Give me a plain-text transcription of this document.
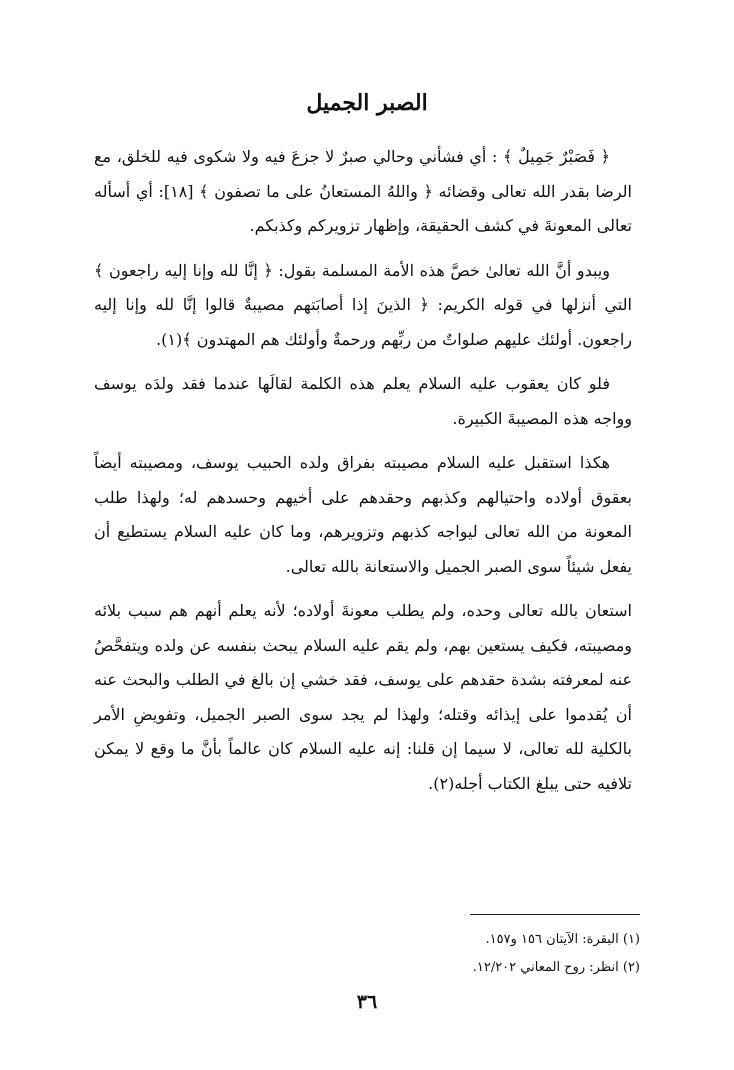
الصبر الجميل

﴿ فَصَبْرٌ جَمِيلٌ ﴾ : أي فشأني وحالي صبرٌ لا جزعَ فيه ولا شكوى فيه للخلق، مع الرضا بقدر الله تعالى وقضائه ﴿ واللهُ المستعانُ على ما تصفون ﴾ [١٨]: أي أسأله تعالى المعونةَ في كشف الحقيقة، وإظهار تزويركم وكذبكم.

ويبدو أنَّ الله تعالىٰ خصَّ هذه الأمة المسلمة بقول: ﴿ إنَّا لله وإنا إليه راجعون ﴾ التي أنزلها في قوله الكريم: ﴿ الذينَ إذا أصابَتهم مصيبةٌ قالوا إنَّا لله وإنا إليه راجعون. أولئك عليهم صلواتٌ من ربِّهم ورحمةٌ وأولئك هم المهتدون ﴾(١).

فلو كان يعقوب عليه السلام يعلم هذه الكلمة لقالَها عندما فقد ولدَه يوسف وواجه هذه المصيبةَ الكبيرة.

هكذا استقبل عليه السلام مصيبته بفراق ولده الحبيب يوسف، ومصيبته أيضاً بعقوق أولاده واحتيالهم وكذبهم وحقدهم على أخيهم وحسدهم له؛ ولهذا طلب المعونة من الله تعالى ليواجه كذبهم وتزويرهم، وما كان عليه السلام يستطيع أن يفعل شيئاً سوى الصبر الجميل والاستعانة بالله تعالى.

استعان بالله تعالى وحده، ولم يطلب معونةَ أولاده؛ لأنه يعلم أنهم هم سبب بلائه ومصيبته، فكيف يستعين بهم، ولم يقم عليه السلام يبحث بنفسه عن ولده ويتفحَّصُ عنه لمعرفته بشدة حقدهم على يوسف، فقد خشي إن بالغ في الطلب والبحث عنه أن يُقدموا على إيذائه وقتله؛ ولهذا لم يجد سوى الصبر الجميل، وتفويضِ الأمر بالكلية لله تعالى، لا سيما إن قلنا: إنه عليه السلام كان عالماً بأنَّ ما وقع لا يمكن تلافيه حتى يبلغ الكتاب أجله(٢).

(١) البقرة: الآيتان ١٥٦ و١٥٧.
(٢) انظر: روح المعاني ١٢/٢٠٢.
٣٦
